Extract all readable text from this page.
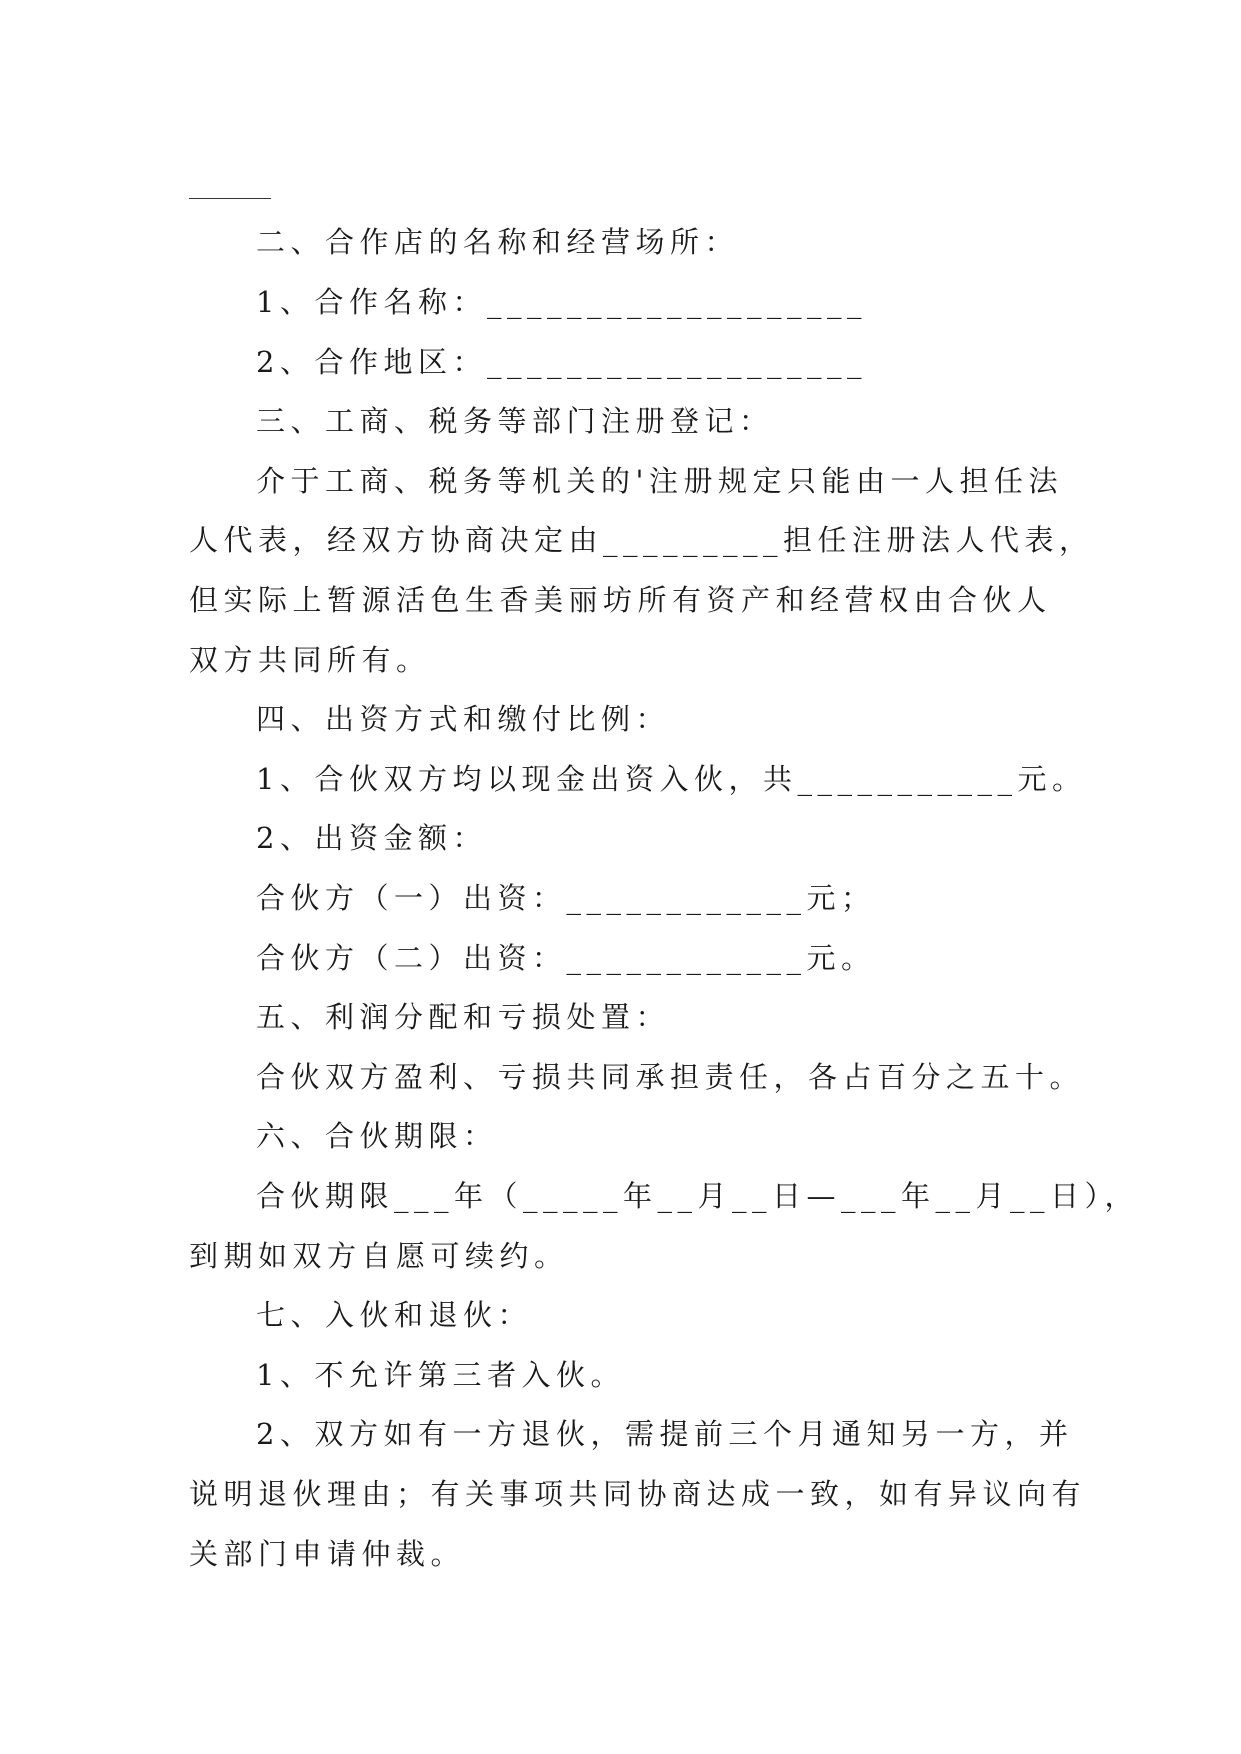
二、合作店的名称和经营场所：
1、合作名称：___________________
2、合作地区：___________________
三、工商、税务等部门注册登记：
介于工商、税务等机关的'注册规定只能由一人担任法
人代表，经双方协商决定由_________担任注册法人代表，
但实际上暂源活色生香美丽坊所有资产和经营权由合伙人
双方共同所有。
四、出资方式和缴付比例：
1、合伙双方均以现金出资入伙，共___________元。
2、出资金额：
合伙方（一）出资：____________元；
合伙方（二）出资：____________元。
五、利润分配和亏损处置：
合伙双方盈利、亏损共同承担责任，各占百分之五十。
六、合伙期限：
合伙期限___年（_____年__月__日—___年__月__日），
到期如双方自愿可续约。
七、入伙和退伙：
1、不允许第三者入伙。
2、双方如有一方退伙，需提前三个月通知另一方，并
说明退伙理由；有关事项共同协商达成一致，如有异议向有
关部门申请仲裁。
